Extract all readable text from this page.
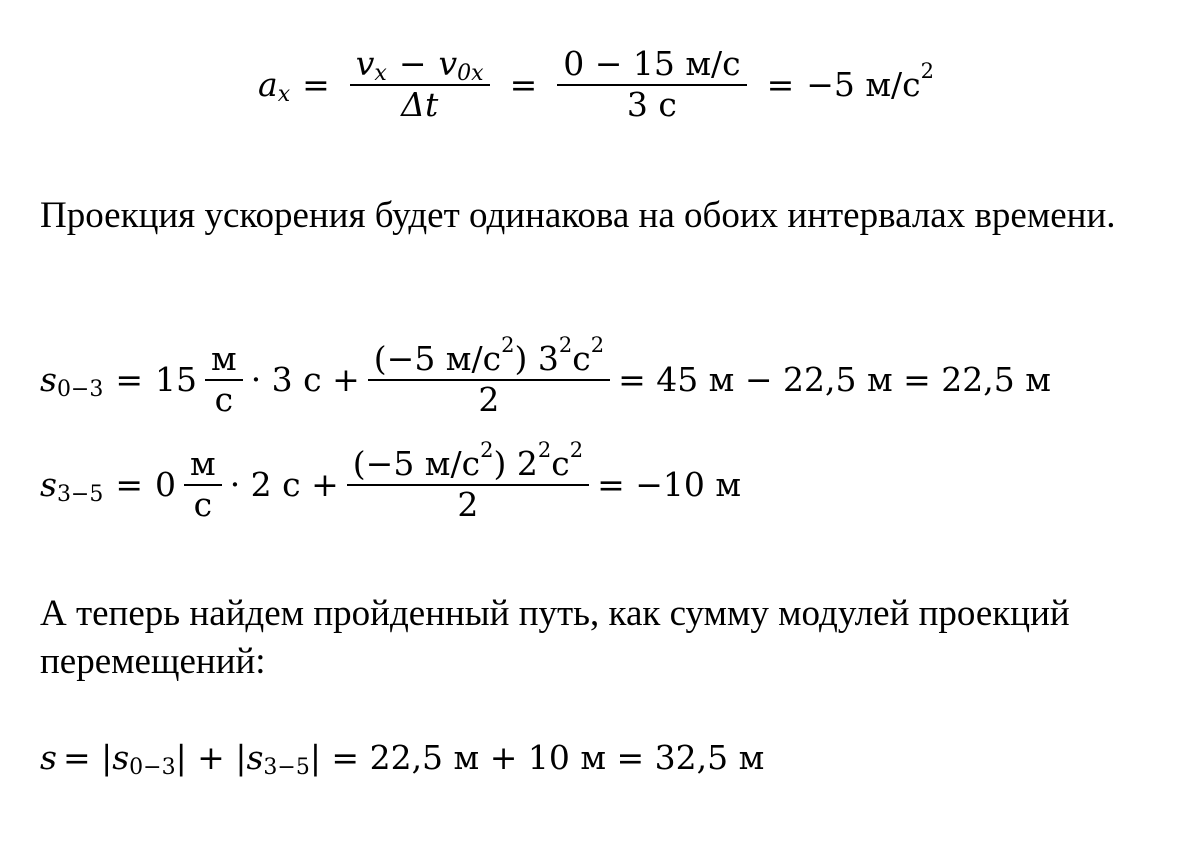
a $x = \frac{\text{v x − v 0x}}{\Delta t} = \frac{0 - 15 м/с}{3 с} = -5$ м/с 2
Проекция ускорения будет одинакова на обоих интервалах времени.
s $0-3 = 15 \frac{м}{с} \cdot 3$ $с + \frac{(-5 м/с 2 ) 3 2 с 2}{2} = 45$ м − 22,5 м = 22,5 м
s $3-5 = 0 \frac{м}{с} \cdot 2$ $с + \frac{(-5 м/с 2 ) 2 2 с 2}{2} = -10$ м
А теперь найдем пройденный путь, как сумму модулей проекций перемещений:
s = | s 0−3 | + | s 3−5 | = 22,5 м + 10 м = 32,5 м
